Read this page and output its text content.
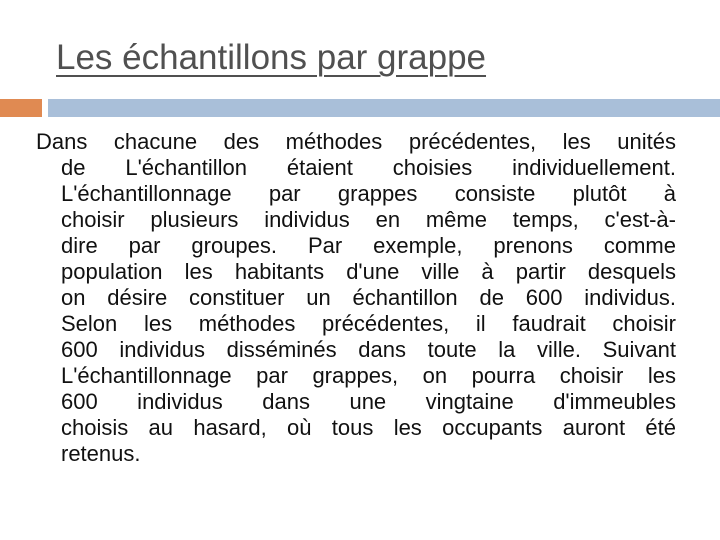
Les échantillons par grappe
Dans chacune des méthodes précédentes, les unités
de L'échantillon étaient choisies individuellement.
L'échantillonnage par grappes consiste plutôt à
choisir plusieurs individus en même temps, c'est-à-
dire par groupes. Par exemple, prenons comme
population les habitants d'une ville à partir desquels
on désire constituer un échantillon de 600 individus.
Selon les méthodes précédentes, il faudrait choisir
600 individus disséminés dans toute la ville. Suivant
L'échantillonnage par grappes, on pourra choisir les
600 individus dans une vingtaine d'immeubles
choisis au hasard, où tous les occupants auront été
retenus.
